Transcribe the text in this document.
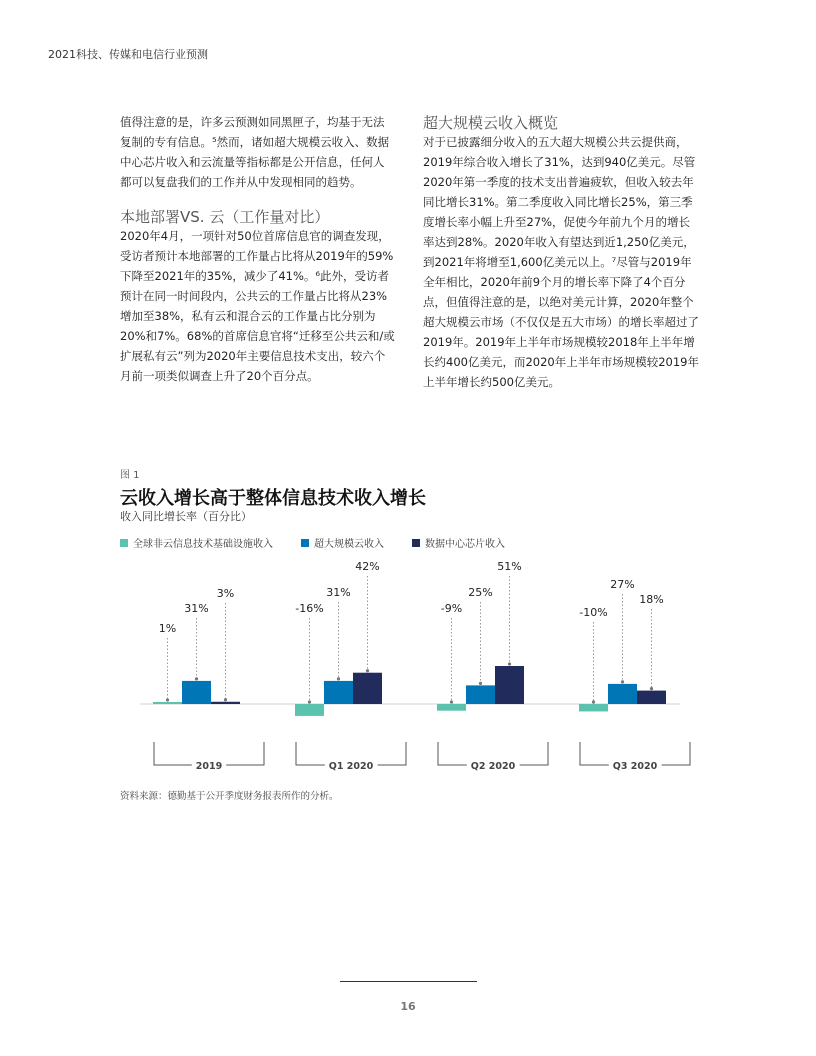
2021科技、传媒和电信行业预测

值得注意的是，许多云预测如同黑匣子，均基于无法复制的专有信息。⁵然而，诸如超大规模云收入、数据中心芯片收入和云流量等指标都是公开信息，任何人都可以复盘我们的工作并从中发现相同的趋势。

本地部署VS. 云（工作量对比）

2020年4月，一项针对50位首席信息官的调查发现，受访者预计本地部署的工作量占比将从2019年的59%下降至2021年的35%，减少了41%。⁶此外，受访者预计在同一时间段内，公共云的工作量占比将从23%增加至38%，私有云和混合云的工作量占比分别为20%和7%。68%的首席信息官将“迁移至公共云和/或扩展私有云”列为2020年主要信息技术支出，较六个月前一项类似调查上升了20个百分点。

超大规模云收入概览

对于已披露细分收入的五大超大规模公共云提供商，2019年综合收入增长了31%，达到940亿美元。尽管2020年第一季度的技术支出普遍疲软，但收入较去年同比增长31%。第二季度收入同比增长25%，第三季度增长率小幅上升至27%，促使今年前九个月的增长率达到28%。2020年收入有望达到近1,250亿美元，到2021年将增至1,600亿美元以上。⁷尽管与2019年全年相比，2020年前9个月的增长率下降了4个百分点，但值得注意的是，以绝对美元计算，2020年整个超大规模云市场（不仅仅是五大市场）的增长率超过了2019年。2019年上半年市场规模较2018年上半年增长约400亿美元，而2020年上半年市场规模较2019年上半年增长约500亿美元。

图 1
云收入增长高于整体信息技术收入增长
收入同比增长率（百分比）
全球非云信息技术基础设施收入	超大规模云收入	数据中心芯片收入
1%
31%
3%
2019
-16%
31%
42%
Q1 2020
-9%
25%
51%
Q2 2020
-10%
27%
18%
Q3 2020
资料来源：德勤基于公开季度财务报表所作的分析。
16
